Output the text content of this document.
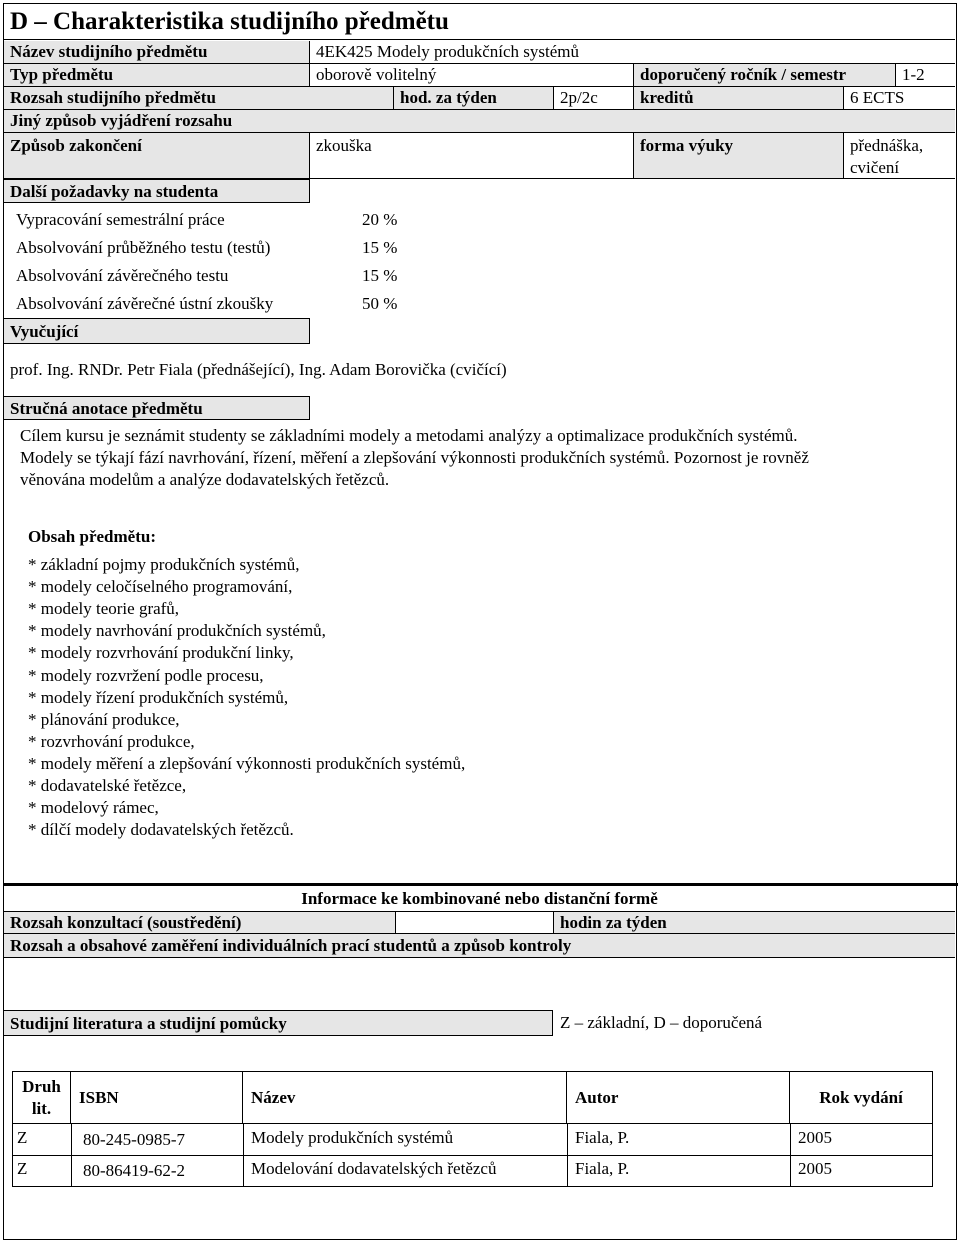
D – Charakteristika studijního předmětu
Název studijního předmětu	4EK425 Modely produkčních systémů
Typ předmětu	oborově volitelný	doporučený ročník / semestr	1-2
Rozsah studijního předmětu	hod. za týden	2p/2c	kreditů	6 ECTS
Jiný způsob vyjádření rozsahu
Způsob zakončení	zkouška	forma výuky	přednáška,
cvičení
Další požadavky na studenta
Vypracování semestrální práce	20 %
Absolvování průběžného testu (testů)	15 %
Absolvování závěrečného testu	15 %
Absolvování závěrečné ústní zkoušky	50 %
Vyučující
prof. Ing. RNDr. Petr Fiala (přednášející), Ing. Adam Borovička (cvičící)
Stručná anotace předmětu

Cílem kursu je seznámit studenty se základními modely a metodami analýzy a optimalizace produkčních systémů.

Modely se týkají fází navrhování, řízení, měření a zlepšování výkonnosti produkčních systémů. Pozornost je rovněž

věnována modelům a analýze dodavatelských řetězců.

Obsah předmětu:
* základní pojmy produkčních systémů,
* modely celočíselného programování,
* modely teorie grafů,
* modely navrhování produkčních systémů,
* modely rozvrhování produkční linky,
* modely rozvržení podle procesu,
* modely řízení produkčních systémů,
* plánování produkce,
* rozvrhování produkce,
* modely měření a zlepšování výkonnosti produkčních systémů,
* dodavatelské řetězce,
* modelový rámec,
* dílčí modely dodavatelských řetězců.
Informace ke kombinované nebo distanční formě
Rozsah konzultací (soustředění)	hodin za týden
Rozsah a obsahové zaměření individuálních prací studentů a způsob kontroly
Studijní literatura a studijní pomůcky	Z – základní, D – doporučená
Druh
lit.
ISBN	Název	Autor	Rok vydání
Z	80-245-0985-7	Modely produkčních systémů	Fiala, P.	2005
Z	80-86419-62-2	Modelování dodavatelských řetězců	Fiala, P.	2005
